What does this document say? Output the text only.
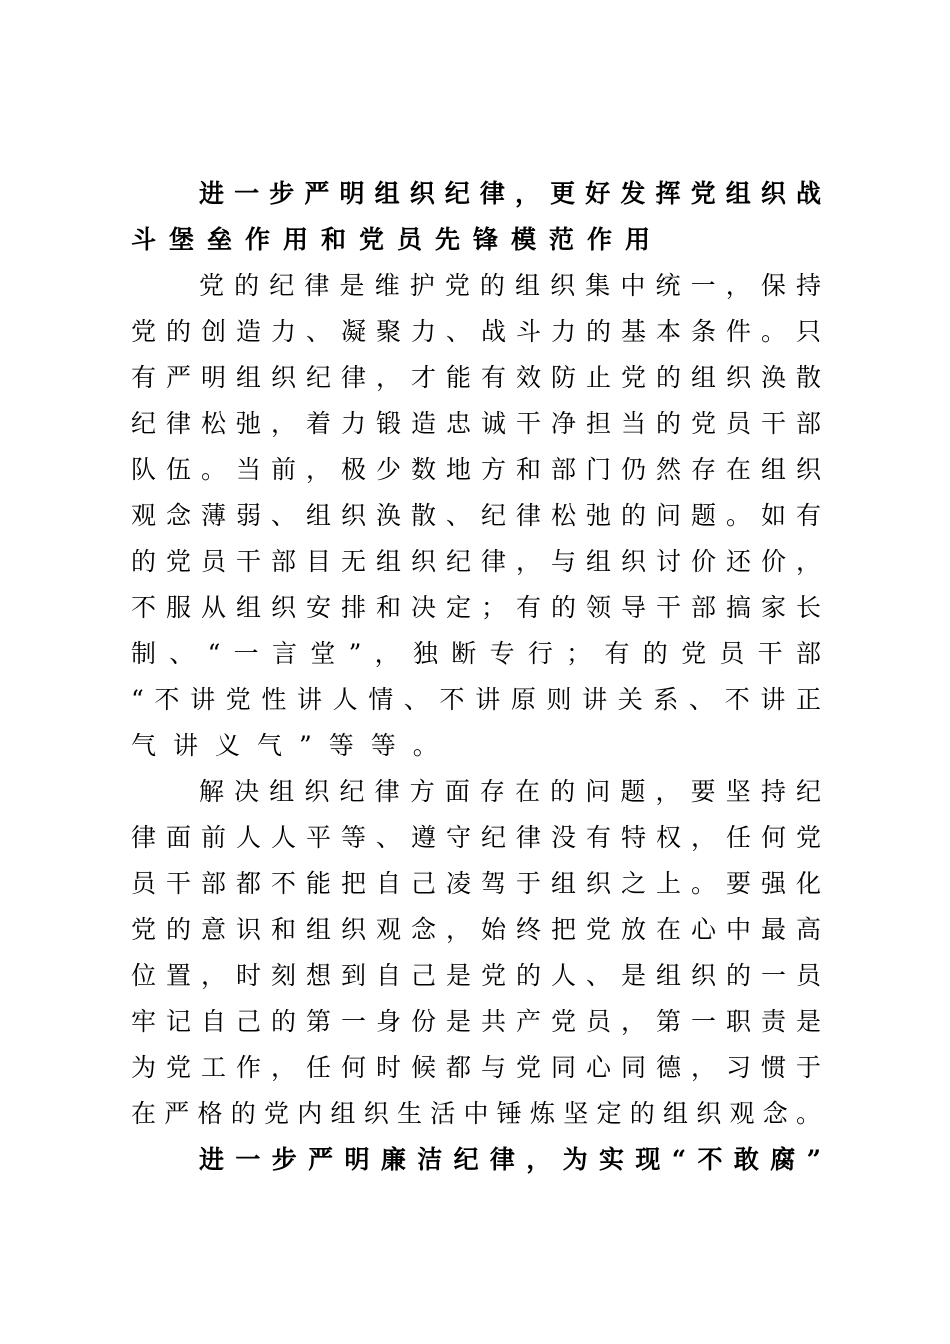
进一步严明组织纪律，更好发挥党组织战
斗堡垒作用和党员先锋模范作用
党的纪律是维护党的组织集中统一，保持
党的创造力、凝聚力、战斗力的基本条件。只
有严明组织纪律，才能有效防止党的组织涣散
纪律松弛，着力锻造忠诚干净担当的党员干部
队伍。当前，极少数地方和部门仍然存在组织
观念薄弱、组织涣散、纪律松弛的问题。如有
的党员干部目无组织纪律，与组织讨价还价，
不服从组织安排和决定；有的领导干部搞家长
制、“一言堂”，独断专行；有的党员干部
“不讲党性讲人情、不讲原则讲关系、不讲正
气讲义气”等等。
解决组织纪律方面存在的问题，要坚持纪
律面前人人平等、遵守纪律没有特权，任何党
员干部都不能把自己凌驾于组织之上。要强化
党的意识和组织观念，始终把党放在心中最高
位置，时刻想到自己是党的人、是组织的一员
牢记自己的第一身份是共产党员，第一职责是
为党工作，任何时候都与党同心同德，习惯于
在严格的党内组织生活中锤炼坚定的组织观念。
进一步严明廉洁纪律，为实现“不敢腐”
